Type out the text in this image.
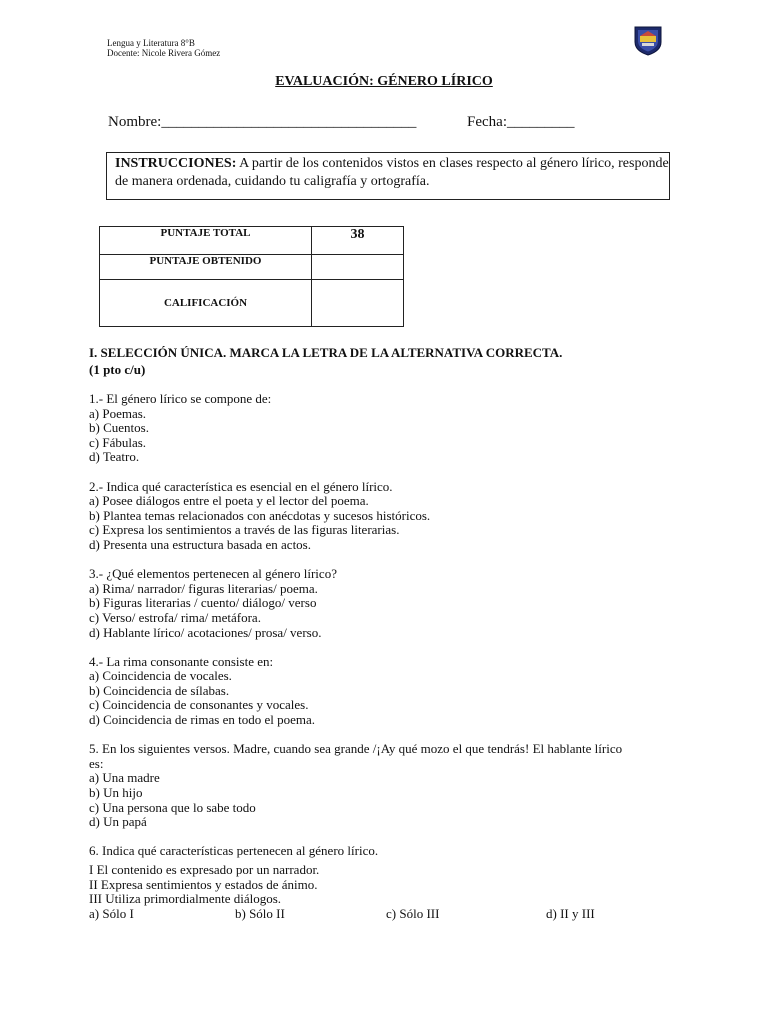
Lengua y Literatura 8°B
Docente: Nicole Rivera Gómez
EVALUACIÓN: GÉNERO LÍRICO
Nombre:__________________________________	Fecha:_________
INSTRUCCIONES: A partir de los contenidos vistos en clases respecto al género lírico, responde de manera ordenada, cuidando tu caligrafía y ortografía.
PUNTAJE TOTAL	38
PUNTAJE OBTENIDO	
CALIFICACIÓN	
I. SELECCIÓN ÚNICA. MARCA LA LETRA DE LA ALTERNATIVA CORRECTA.
(1 pto c/u)

1.- El género lírico se compone de:

a) Poemas.

b) Cuentos.

c) Fábulas.

d) Teatro.

2.- Indica qué característica es esencial en el género lírico.

a) Posee diálogos entre el poeta y el lector del poema.

b) Plantea temas relacionados con anécdotas y sucesos históricos.

c) Expresa los sentimientos a través de las figuras literarias.

d) Presenta una estructura basada en actos.

3.- ¿Qué elementos pertenecen al género lírico?

a) Rima/ narrador/ figuras literarias/ poema.

b) Figuras literarias / cuento/ diálogo/ verso

c) Verso/ estrofa/ rima/ metáfora.

d) Hablante lírico/ acotaciones/ prosa/ verso.

4.- La rima consonante consiste en:

a) Coincidencia de vocales.

b) Coincidencia de sílabas.

c) Coincidencia de consonantes y vocales.

d) Coincidencia de rimas en todo el poema.

5. En los siguientes versos. Madre, cuando sea grande /¡Ay qué mozo el que tendrás! El hablante lírico es:

a) Una madre

b) Un hijo

c) Una persona que lo sabe todo

d) Un papá

6. Indica qué características pertenecen al género lírico.

I El contenido es expresado por un narrador.

II Expresa sentimientos y estados de ánimo.

III Utiliza primordialmente diálogos.

a) Sólo I	b) Sólo II	c) Sólo III	d) II y III
